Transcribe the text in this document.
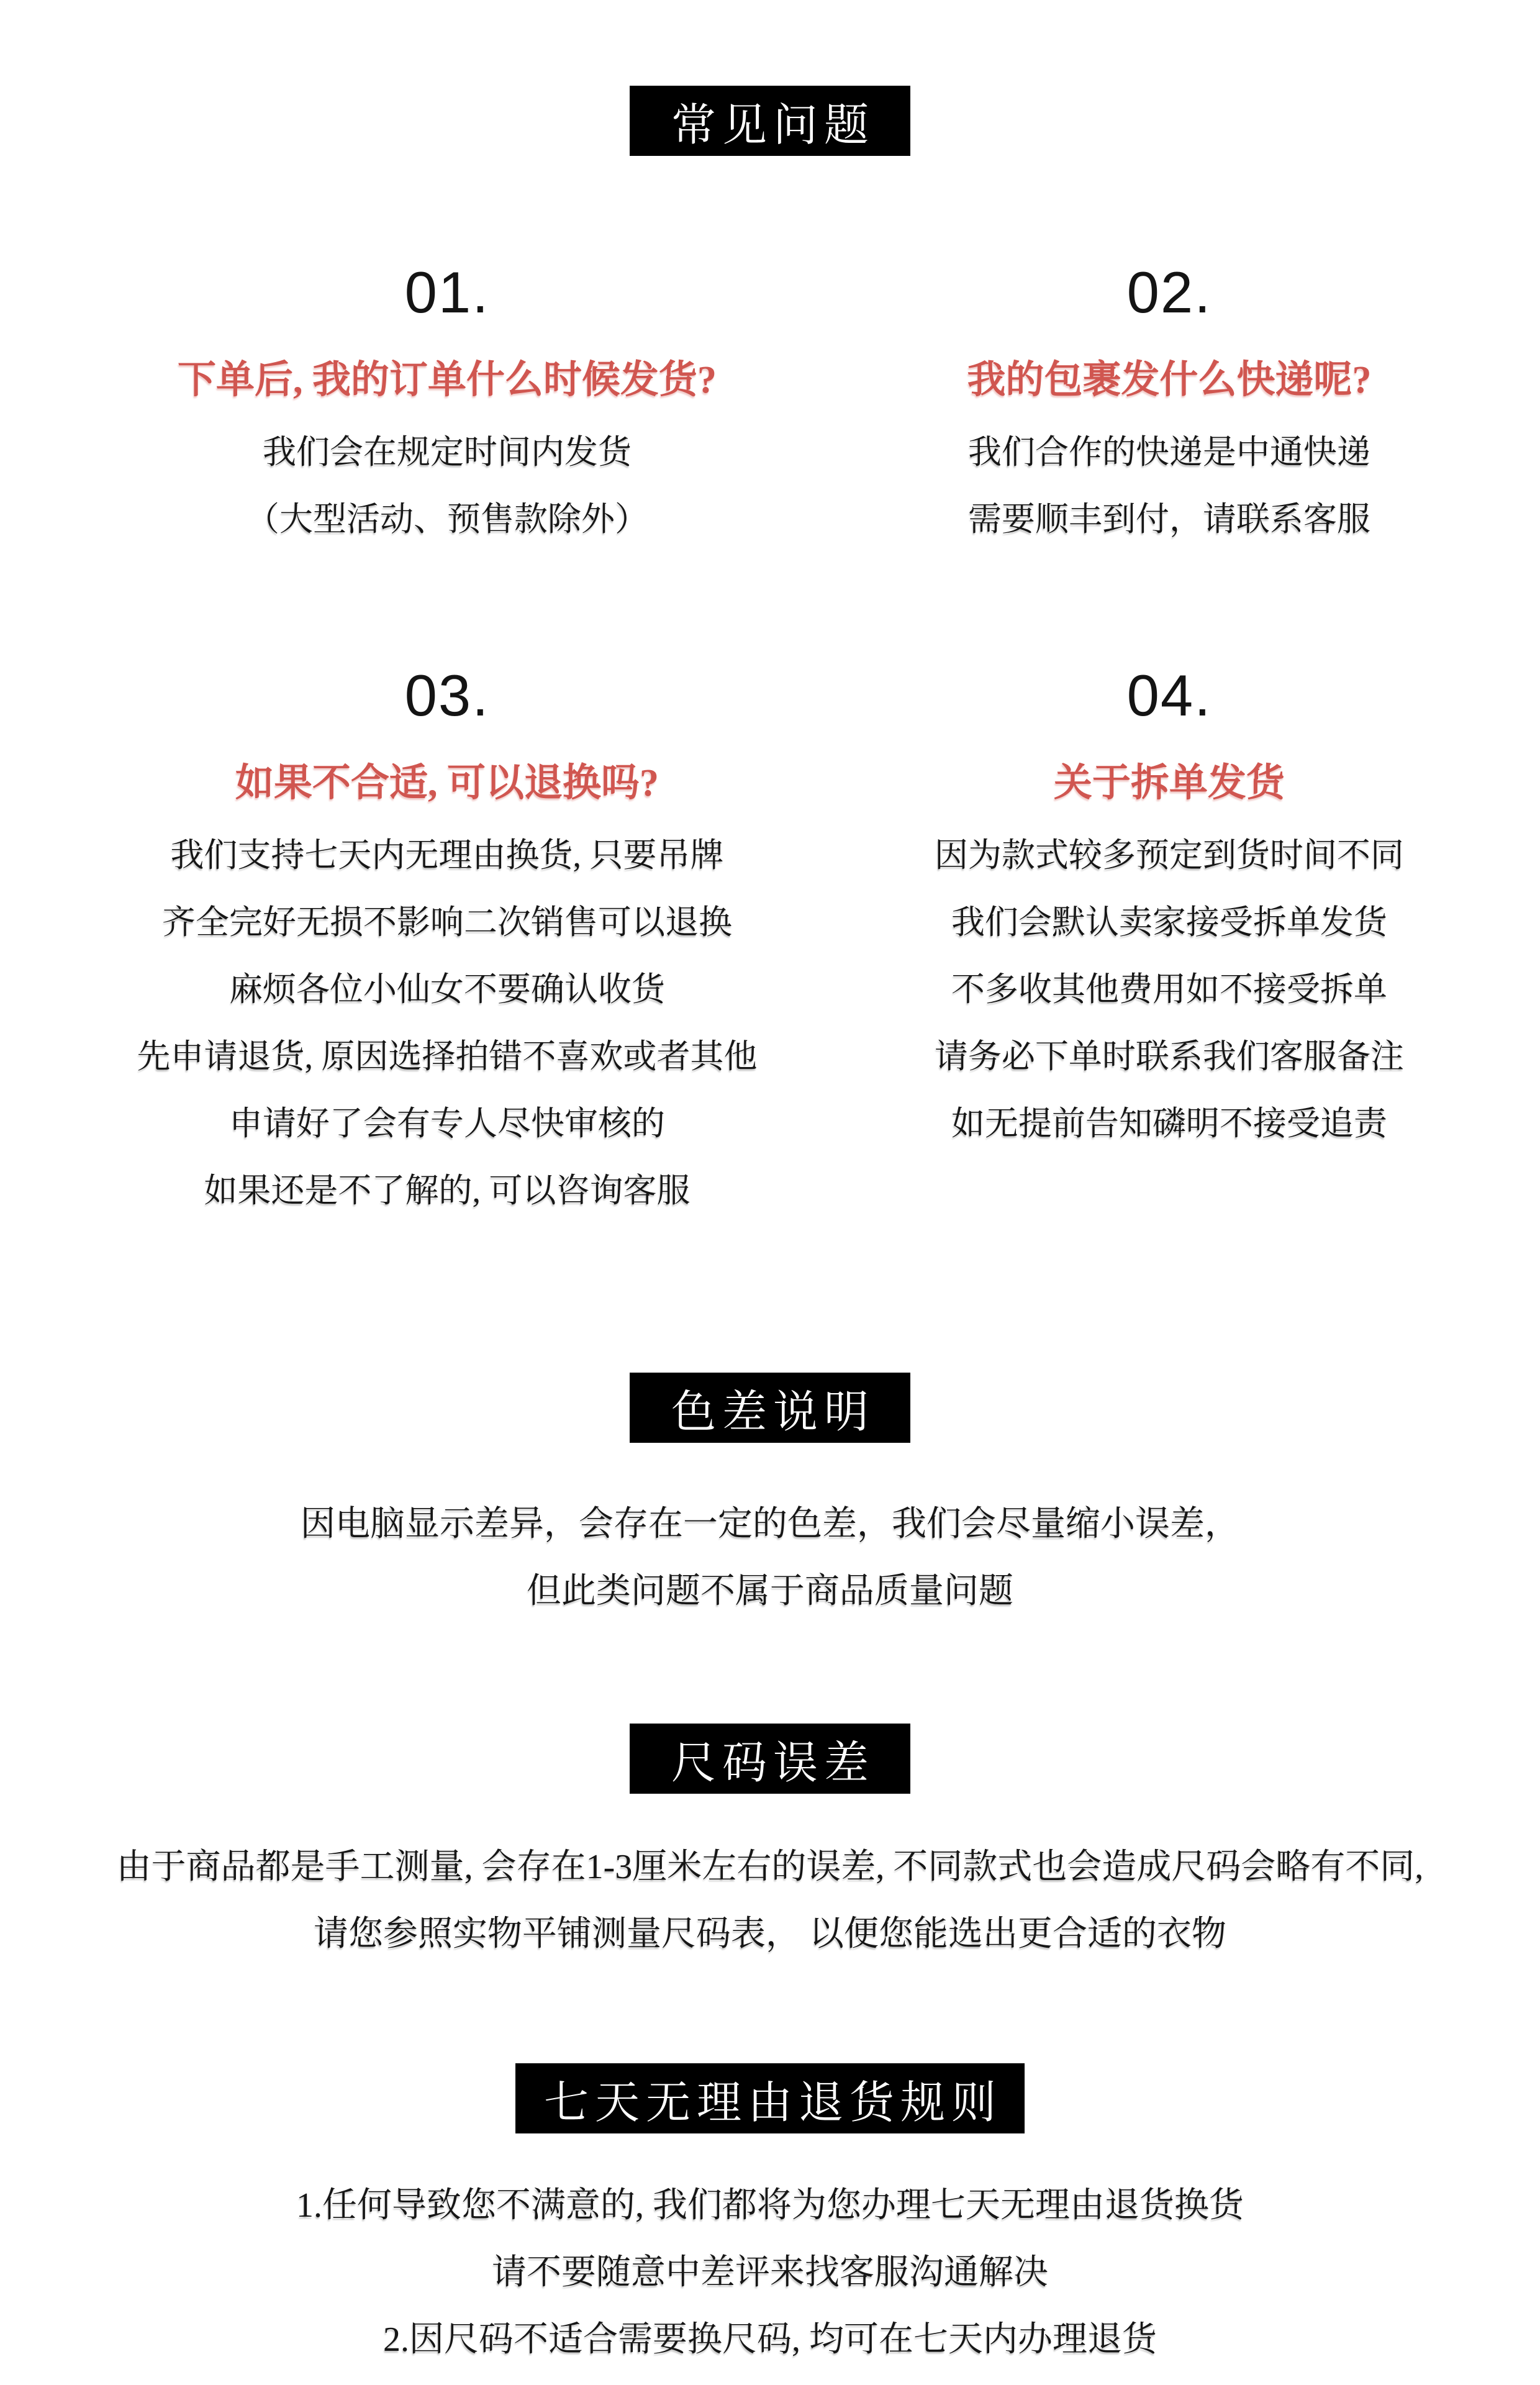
常见问题
01.
下单后, 我的订单什么时候发货?
我们会在规定时间内发货
（大型活动、预售款除外）
02.
我的包裹发什么快递呢?
我们合作的快递是中通快递
需要顺丰到付，请联系客服
03.
如果不合适, 可以退换吗?
我们支持七天内无理由换货, 只要吊牌
齐全完好无损不影响二次销售可以退换
麻烦各位小仙女不要确认收货
先申请退货, 原因选择拍错不喜欢或者其他
申请好了会有专人尽快审核的
如果还是不了解的, 可以咨询客服
04.
关于拆单发货
因为款式较多预定到货时间不同
我们会默认卖家接受拆单发货
不多收其他费用如不接受拆单
请务必下单时联系我们客服备注
如无提前告知磷明不接受追责
色差说明
因电脑显示差异，会存在一定的色差，我们会尽量缩小误差，
但此类问题不属于商品质量问题
尺码误差
由于商品都是手工测量, 会存在1-3厘米左右的误差, 不同款式也会造成尺码会略有不同,
请您参照实物平铺测量尺码表， 以便您能选出更合适的衣物
七天无理由退货规则
1.任何导致您不满意的, 我们都将为您办理七天无理由退货换货
请不要随意中差评来找客服沟通解决
2.因尺码不适合需要换尺码, 均可在七天内办理退货
